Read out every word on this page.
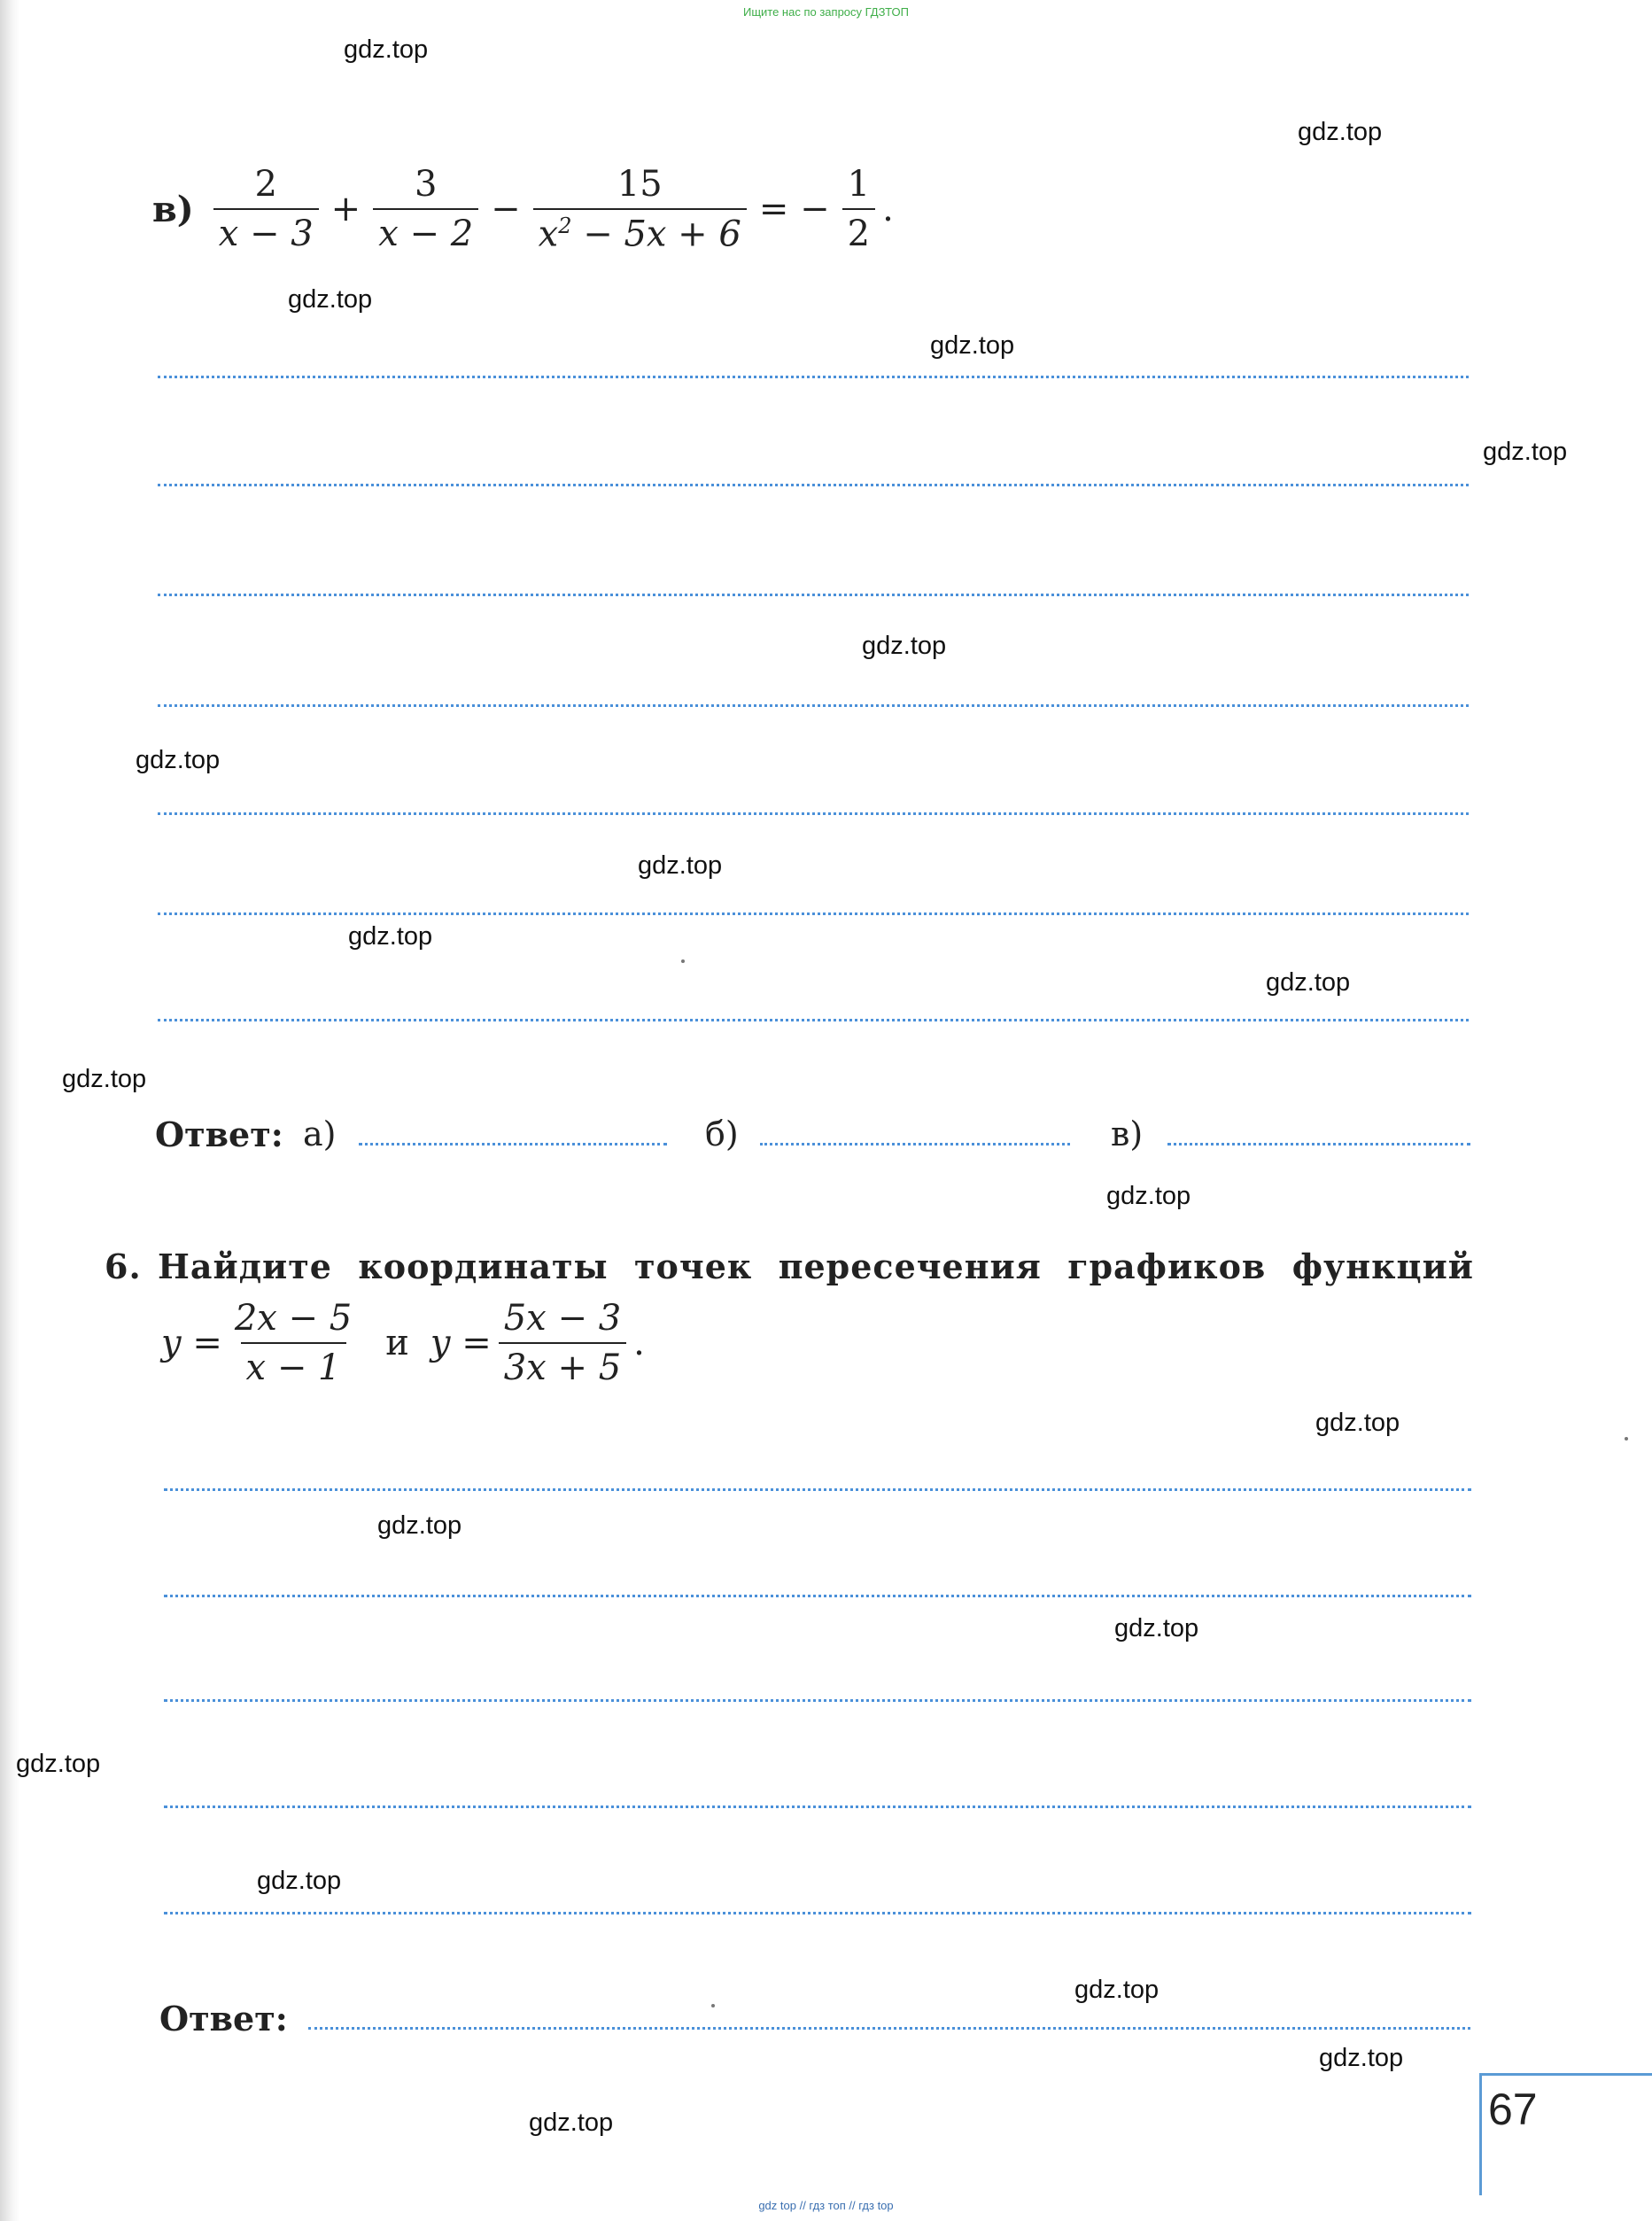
Ищите нас по запросу ГДЗТОП
$в) \frac{2}{x - 3} + \frac{3}{x - 2} - \frac{15}{x^2 - 5x + 6}$ = − $\frac{1}{2}$ .
Ответ: а)	б)	в)
6. Найдите координаты точек пересечения графиков функций
$y = \frac{2x - 5}{x - 1}$ и $y = \frac{5x - 3}{3x + 5}$ .
Ответ:
67
gdz.top
gdz.top
gdz.top
gdz.top
gdz.top
gdz.top
gdz.top
gdz.top
gdz.top
gdz.top
gdz.top
gdz.top
gdz.top
gdz.top
gdz.top
gdz.top
gdz.top
gdz.top
gdz.top
gdz.top
gdz top // гдз топ // гдз top
